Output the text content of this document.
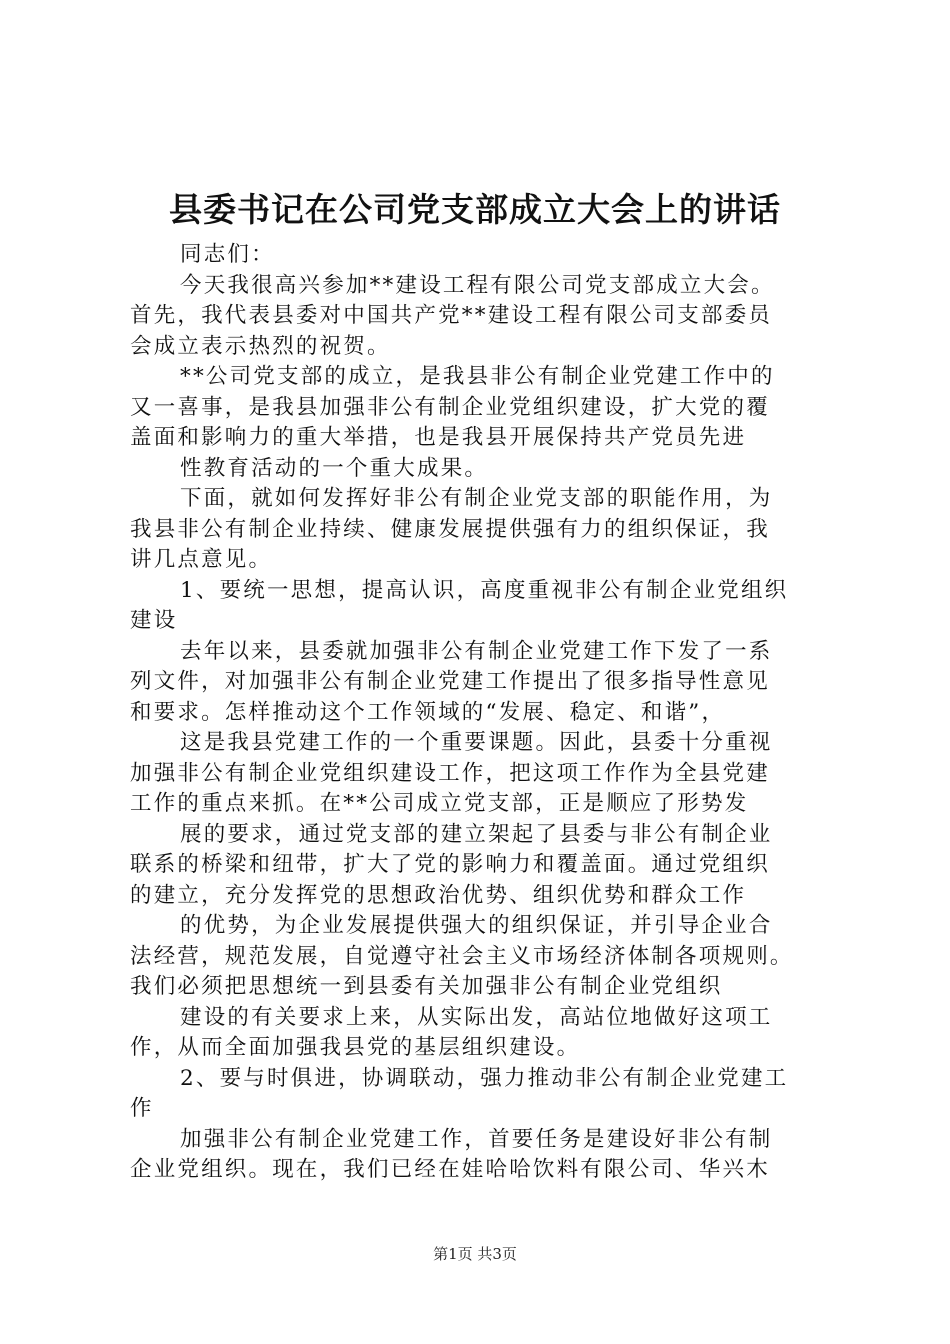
县委书记在公司党支部成立大会上的讲话
同志们：
今天我很高兴参加**建设工程有限公司党支部成立大会。
首先，我代表县委对中国共产党**建设工程有限公司支部委员
会成立表示热烈的祝贺。
**公司党支部的成立，是我县非公有制企业党建工作中的
又一喜事，是我县加强非公有制企业党组织建设，扩大党的覆
盖面和影响力的重大举措，也是我县开展保持共产党员先进
性教育活动的一个重大成果。
下面，就如何发挥好非公有制企业党支部的职能作用，为
我县非公有制企业持续、健康发展提供强有力的组织保证，我
讲几点意见。
1、要统一思想，提高认识，高度重视非公有制企业党组织
建设
去年以来，县委就加强非公有制企业党建工作下发了一系
列文件，对加强非公有制企业党建工作提出了很多指导性意见
和要求。怎样推动这个工作领域的“发展、稳定、和谐”，
这是我县党建工作的一个重要课题。因此，县委十分重视
加强非公有制企业党组织建设工作，把这项工作作为全县党建
工作的重点来抓。在**公司成立党支部，正是顺应了形势发
展的要求，通过党支部的建立架起了县委与非公有制企业
联系的桥梁和纽带，扩大了党的影响力和覆盖面。通过党组织
的建立，充分发挥党的思想政治优势、组织优势和群众工作
的优势，为企业发展提供强大的组织保证，并引导企业合
法经营，规范发展，自觉遵守社会主义市场经济体制各项规则。
我们必须把思想统一到县委有关加强非公有制企业党组织
建设的有关要求上来，从实际出发，高站位地做好这项工
作，从而全面加强我县党的基层组织建设。
2、要与时俱进，协调联动，强力推动非公有制企业党建工
作
加强非公有制企业党建工作，首要任务是建设好非公有制
企业党组织。现在，我们已经在娃哈哈饮料有限公司、华兴木
第1页 共3页
